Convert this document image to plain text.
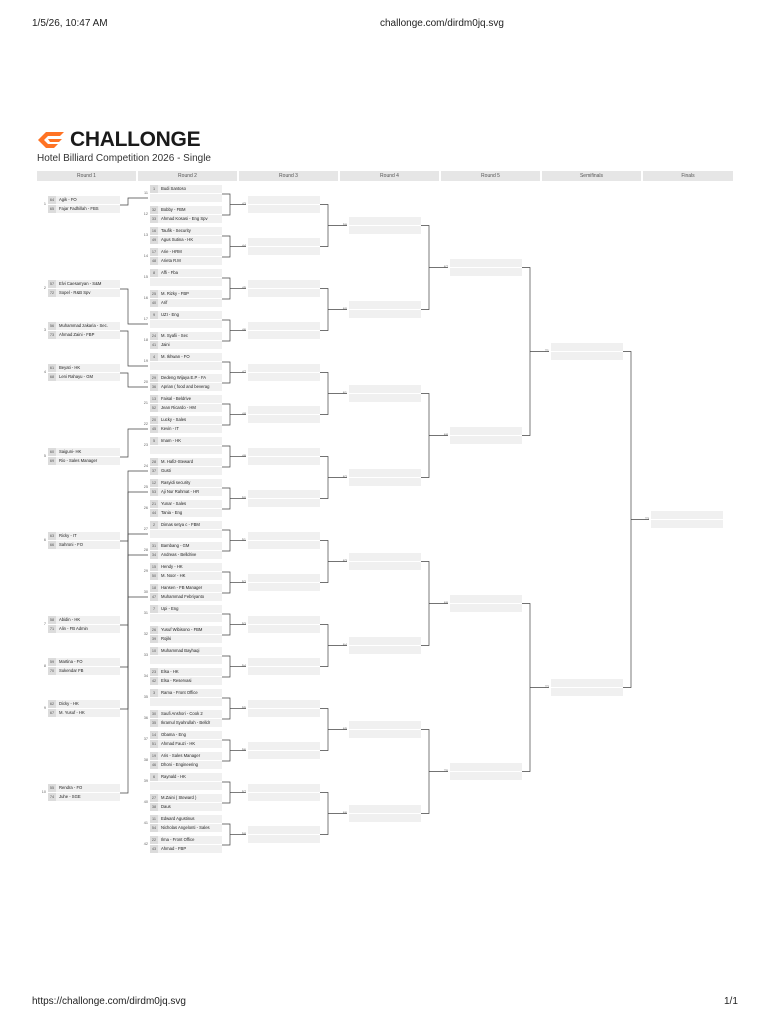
1/5/26, 10:47 AM	challonge.com/dirdm0jq.svg
CHALLONGE
Hotel Billiard Competition 2026 - Single
Round 1	Round 2	Round 3	Round 4	Round 5	Semifinals	Finals
11
1 Budi Santoso
12
32 Bobby - FBM
33 Ahmad Kosasi - Eng Spv
13
16 Taufik - Security
49 Agus Sutina - HK
14
17 Arie - HRM
48 Arieta R.M
15
8 Affi - Fba
16
25 M. Rizky - FBP
40 Arif
17
9 UZI - Eng
18
24 M. Syafii - Sec
41 Jaini
19
4 M. Ikhwan - FO
20
29 Dedeng Wijaya E.P - FA
36 Aprian ( food and beverag
21
13 Faisal - Beldrive
52 Jean Ricardo - HM
22
20 Lucky - Sales
45 Kevin - IT
23
5 Imam - HK
24
28 M. Hafiz-Steward
37 Gusti
25
12 Rasyidi security
53 Aji Nur Rahmat - HR
26
21 Yunar - Sales
44 Tania - Eng
27
2 Dimas setya c - FBM
28
31 Bambang - GM
34 Andreas - Belldrive
29
15 Hendy - HK
50 M. Noor - HK
30
18 Hansen - FB Manager
47 Muhammad Febriyanto
31
7 Upi - Eng
32
26 Yusuf Wibisono - FBM
39 Rojiki
33
10 Muhammad Bayhaqi
34
23 Elsa - HK
42 Elsa - Reservasi
35
3 Rama - Front Office
36
30 Saufi Anshori - Cook 2
35 Ikramul Syahrullah - Belldr
37
14 Obama - Eng
51 Ahmad Fauzi - HK
38
19 Aris - Sales Manager
46 Dhoni - Engineering
39
6 Raynald - HK
40
27 M.Zaini ( Steward )
38 Daus
41
11 Edward Agustinus
54 Nicholas Angelonti - Sales
42
22 Ilma - Front Office
43 Ahmad - FBP
1
64 Agik - FO
65 Fajar Fadhillah - FBS
2
57 Elvi Caesarryan - S&M
72 Sopel - R&B Spv
3
56 Muhammad zakaria - Sec.
73 Ahmad Zaini - FBP
4
61 Beyati - HK
68 Leni Rahayu - GM
5
60 Saiguni- HK
69 Rio - Sales Manager
6
63 Ricky - IT
66 Sahroni - FO
7
58 Abidin - HK
71 Alin - FB Admin
8
59 Martina - FO
70 Sukendar FB
9
62 Dicky - HK
67 M. Yusuf - HK
10
55 Rendra - FO
74 Juhe - SGE
43
44
45
46
47
48
49
50
51
52
53
54
55
56
57
58
59
60
61
62
63
64
65
66
67
68
69
70
71
72
73
https://challonge.com/dirdm0jq.svg	1/1
